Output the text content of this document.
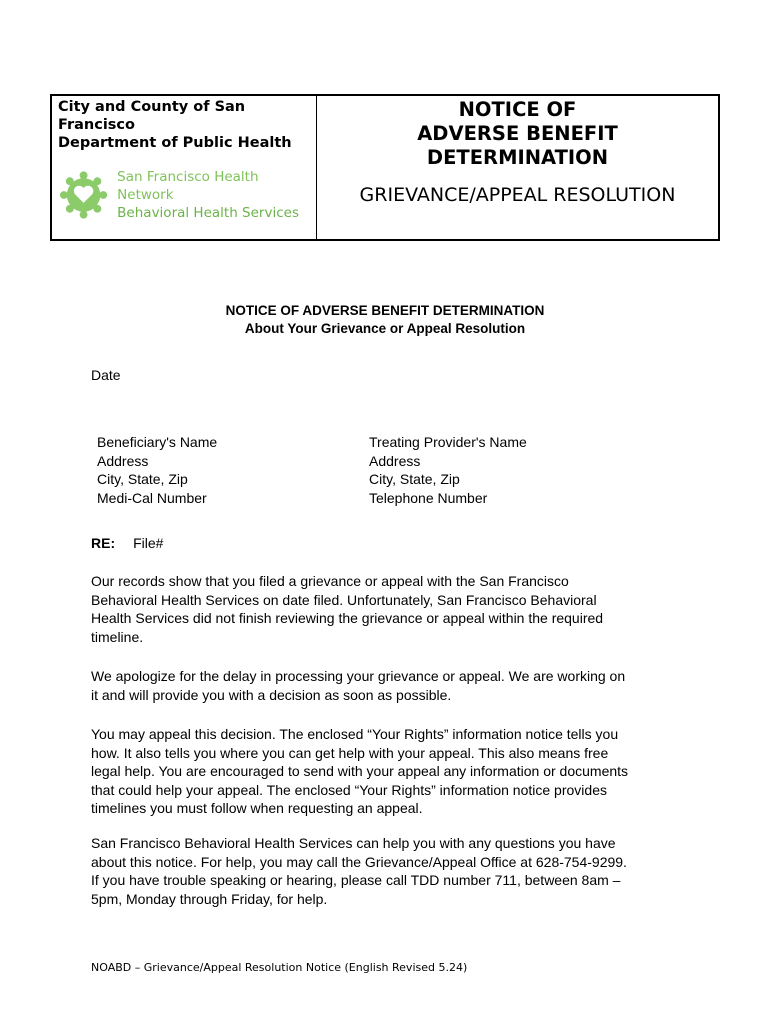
City and County of San
Francisco
Department of Public Health
San Francisco Health Network
Behavioral Health Services
NOTICE OF
ADVERSE BENEFIT
DETERMINATION
GRIEVANCE/APPEAL RESOLUTION
NOTICE OF ADVERSE BENEFIT DETERMINATION
About Your Grievance or Appeal Resolution
Date
Beneficiary's Name
Address
City, State, Zip
Medi-Cal Number
Treating Provider's Name
Address
City, State, Zip
Telephone Number
RE: File#
Our records show that you filed a grievance or appeal with the San Francisco
Behavioral Health Services on date filed. Unfortunately, San Francisco Behavioral
Health Services did not finish reviewing the grievance or appeal within the required
timeline.
We apologize for the delay in processing your grievance or appeal. We are working on
it and will provide you with a decision as soon as possible.
You may appeal this decision. The enclosed “Your Rights” information notice tells you
how. It also tells you where you can get help with your appeal. This also means free
legal help. You are encouraged to send with your appeal any information or documents
that could help your appeal. The enclosed “Your Rights” information notice provides
timelines you must follow when requesting an appeal.
San Francisco Behavioral Health Services can help you with any questions you have
about this notice. For help, you may call the Grievance/Appeal Office at 628-754-9299.
If you have trouble speaking or hearing, please call TDD number 711, between 8am –
5pm, Monday through Friday, for help.
NOABD – Grievance/Appeal Resolution Notice (English Revised 5.24)
